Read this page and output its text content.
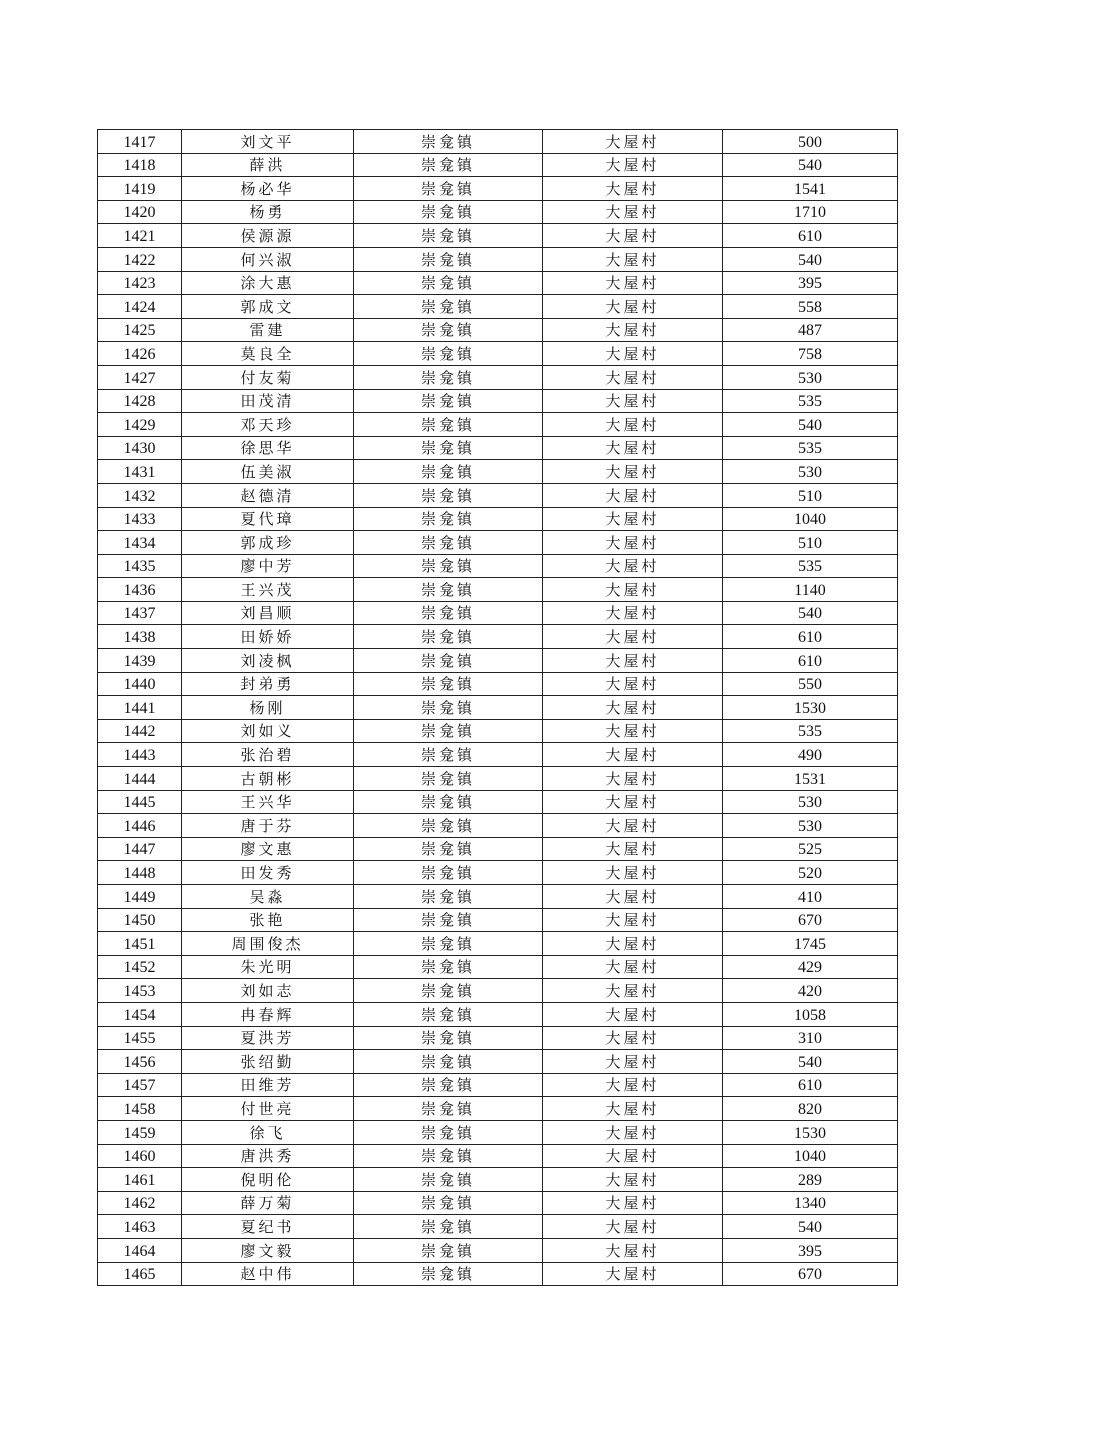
1417	刘文平	崇龛镇	大屋村	500
1418	薛洪	崇龛镇	大屋村	540
1419	杨必华	崇龛镇	大屋村	1541
1420	杨勇	崇龛镇	大屋村	1710
1421	侯源源	崇龛镇	大屋村	610
1422	何兴淑	崇龛镇	大屋村	540
1423	涂大惠	崇龛镇	大屋村	395
1424	郭成文	崇龛镇	大屋村	558
1425	雷建	崇龛镇	大屋村	487
1426	莫良全	崇龛镇	大屋村	758
1427	付友菊	崇龛镇	大屋村	530
1428	田茂清	崇龛镇	大屋村	535
1429	邓天珍	崇龛镇	大屋村	540
1430	徐思华	崇龛镇	大屋村	535
1431	伍美淑	崇龛镇	大屋村	530
1432	赵德清	崇龛镇	大屋村	510
1433	夏代璋	崇龛镇	大屋村	1040
1434	郭成珍	崇龛镇	大屋村	510
1435	廖中芳	崇龛镇	大屋村	535
1436	王兴茂	崇龛镇	大屋村	1140
1437	刘昌顺	崇龛镇	大屋村	540
1438	田娇娇	崇龛镇	大屋村	610
1439	刘凌枫	崇龛镇	大屋村	610
1440	封弟勇	崇龛镇	大屋村	550
1441	杨刚	崇龛镇	大屋村	1530
1442	刘如义	崇龛镇	大屋村	535
1443	张治碧	崇龛镇	大屋村	490
1444	古朝彬	崇龛镇	大屋村	1531
1445	王兴华	崇龛镇	大屋村	530
1446	唐于芬	崇龛镇	大屋村	530
1447	廖文惠	崇龛镇	大屋村	525
1448	田发秀	崇龛镇	大屋村	520
1449	吴淼	崇龛镇	大屋村	410
1450	张艳	崇龛镇	大屋村	670
1451	周围俊杰	崇龛镇	大屋村	1745
1452	朱光明	崇龛镇	大屋村	429
1453	刘如志	崇龛镇	大屋村	420
1454	冉春辉	崇龛镇	大屋村	1058
1455	夏洪芳	崇龛镇	大屋村	310
1456	张绍勤	崇龛镇	大屋村	540
1457	田维芳	崇龛镇	大屋村	610
1458	付世亮	崇龛镇	大屋村	820
1459	徐飞	崇龛镇	大屋村	1530
1460	唐洪秀	崇龛镇	大屋村	1040
1461	倪明伦	崇龛镇	大屋村	289
1462	薛万菊	崇龛镇	大屋村	1340
1463	夏纪书	崇龛镇	大屋村	540
1464	廖文毅	崇龛镇	大屋村	395
1465	赵中伟	崇龛镇	大屋村	670
